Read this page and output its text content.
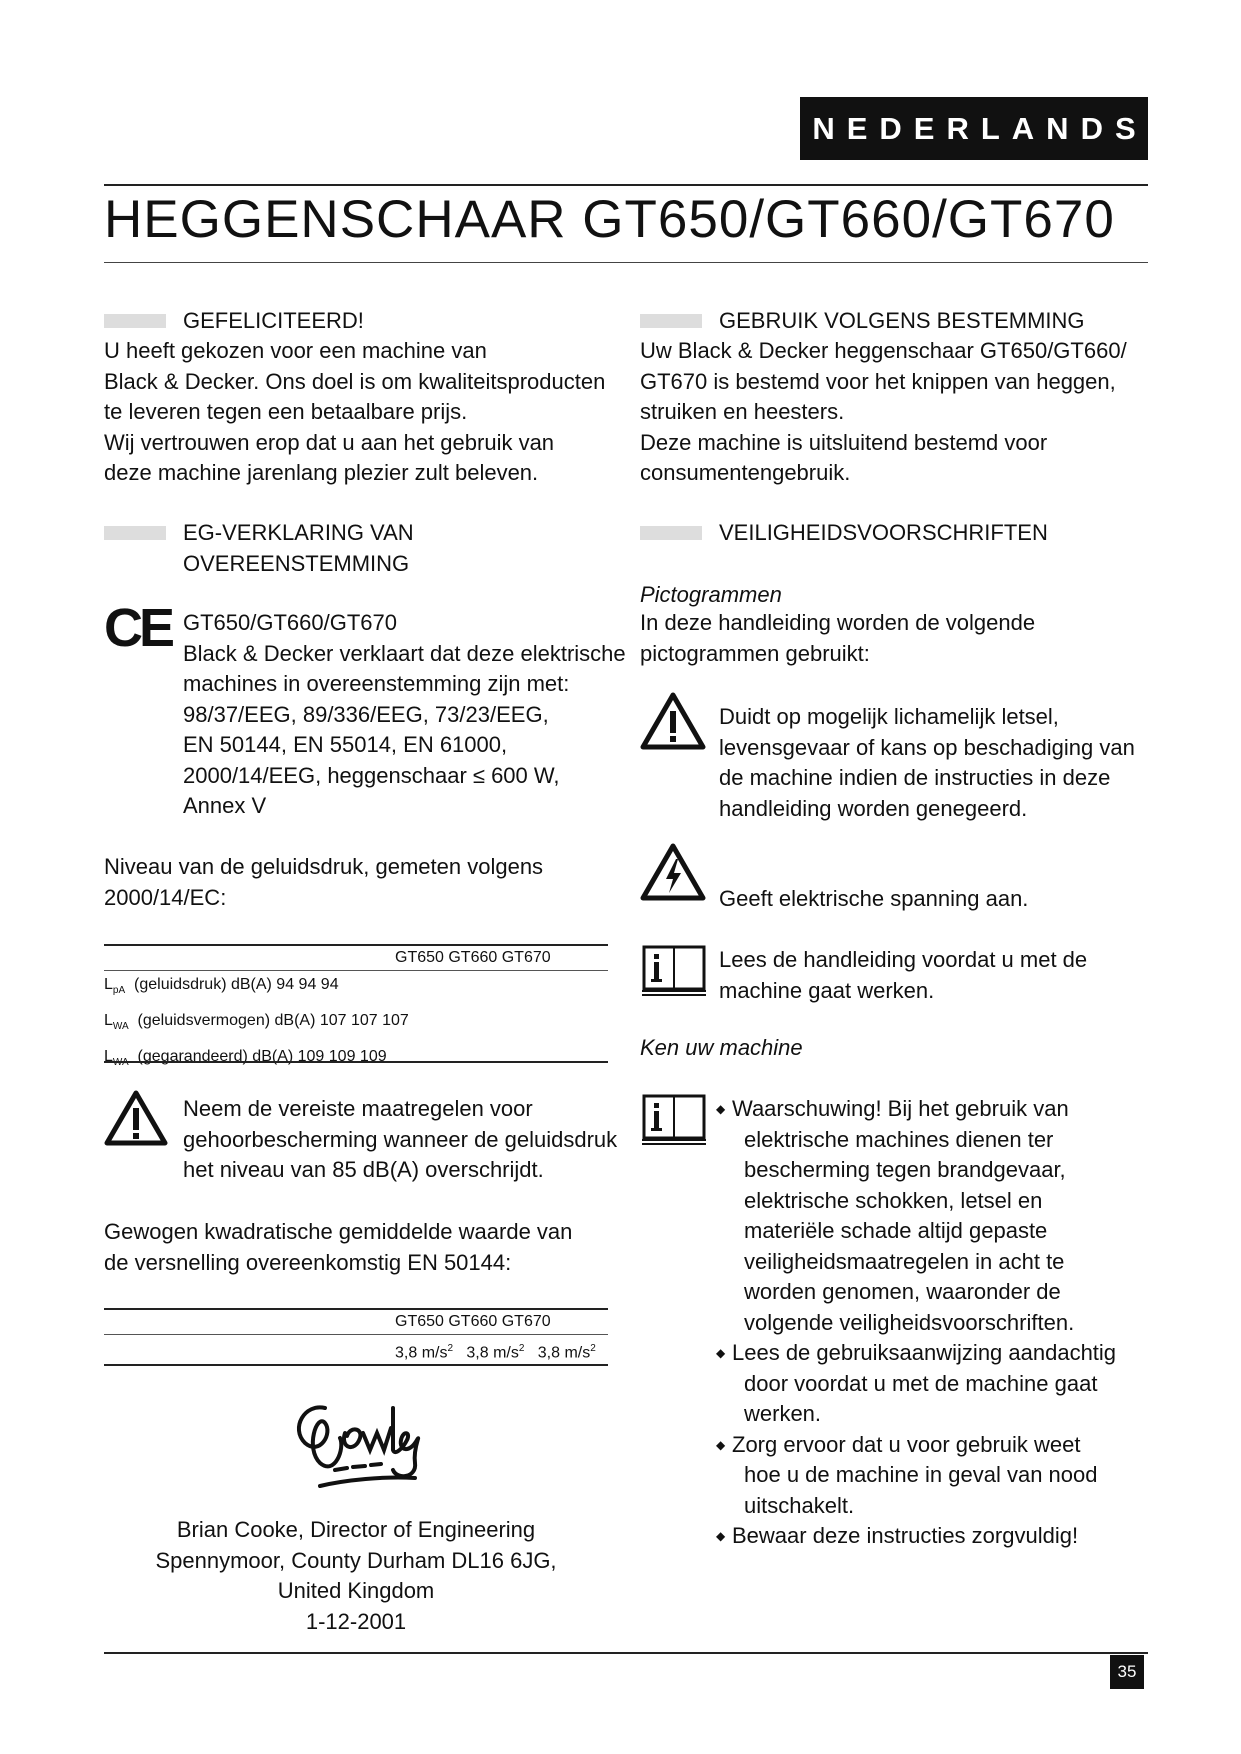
NEDERLANDS
HEGGENSCHAAR GT650/GT660/GT670
GEFELICITEERD!
U heeft gekozen voor een machine van
Black & Decker. Ons doel is om kwaliteitsproducten
te leveren tegen een betaalbare prijs.
Wij vertrouwen erop dat u aan het gebruik van
deze machine jarenlang plezier zult beleven.
EG-VERKLARING VAN
OVEREENSTEMMING
CE GT650/GT660/GT670
Black & Decker verklaart dat deze elektrische
machines in overeenstemming zijn met:
98/37/EEG, 89/336/EEG, 73/23/EEG,
EN 50144, EN 55014, EN 61000,
2000/14/EEG, heggenschaar ≤ 600 W,
Annex V
Niveau van de geluidsdruk, gemeten volgens
2000/14/EC:
GT650 GT660 GT670
$L_{pA}$ (geluidsdruk) dB(A) 94 94 94
$L_{WA}$ (geluidsvermogen) dB(A) 107 107 107
$L_{WA}$ (gegarandeerd) dB(A) 109 109 109
Neem de vereiste maatregelen voor
gehoorbescherming wanneer de geluidsdruk
het niveau van 85 dB(A) overschrijdt.
Gewogen kwadratische gemiddelde waarde van
de versnelling overeenkomstig EN 50144:
GT650 GT660 GT670
3,8 $m/s^2$ 3,8 $m/s^2$ 3,8 $m/s^2$
Brian Cooke, Director of Engineering
Spennymoor, County Durham DL16 6JG,
United Kingdom
1-12-2001
GEBRUIK VOLGENS BESTEMMING
Uw Black & Decker heggenschaar GT650/GT660/
GT670 is bestemd voor het knippen van heggen,
struiken en heesters.
Deze machine is uitsluitend bestemd voor
consumentengebruik.
VEILIGHEIDSVOORSCHRIFTEN
Pictogrammen
In deze handleiding worden de volgende
pictogrammen gebruikt:
Duidt op mogelijk lichamelijk letsel,
levensgevaar of kans op beschadiging van
de machine indien de instructies in deze
handleiding worden genegeerd.
Geeft elektrische spanning aan.
Lees de handleiding voordat u met de
machine gaat werken.
Ken uw machine
◆ Waarschuwing! Bij het gebruik van
elektrische machines dienen ter
bescherming tegen brandgevaar,
elektrische schokken, letsel en
materiële schade altijd gepaste
veiligheidsmaatregelen in acht te
worden genomen, waaronder de
volgende veiligheidsvoorschriften.
◆ Lees de gebruiksaanwijzing aandachtig
door voordat u met de machine gaat
werken.
◆ Zorg ervoor dat u voor gebruik weet
hoe u de machine in geval van nood
uitschakelt.
◆ Bewaar deze instructies zorgvuldig!
35
